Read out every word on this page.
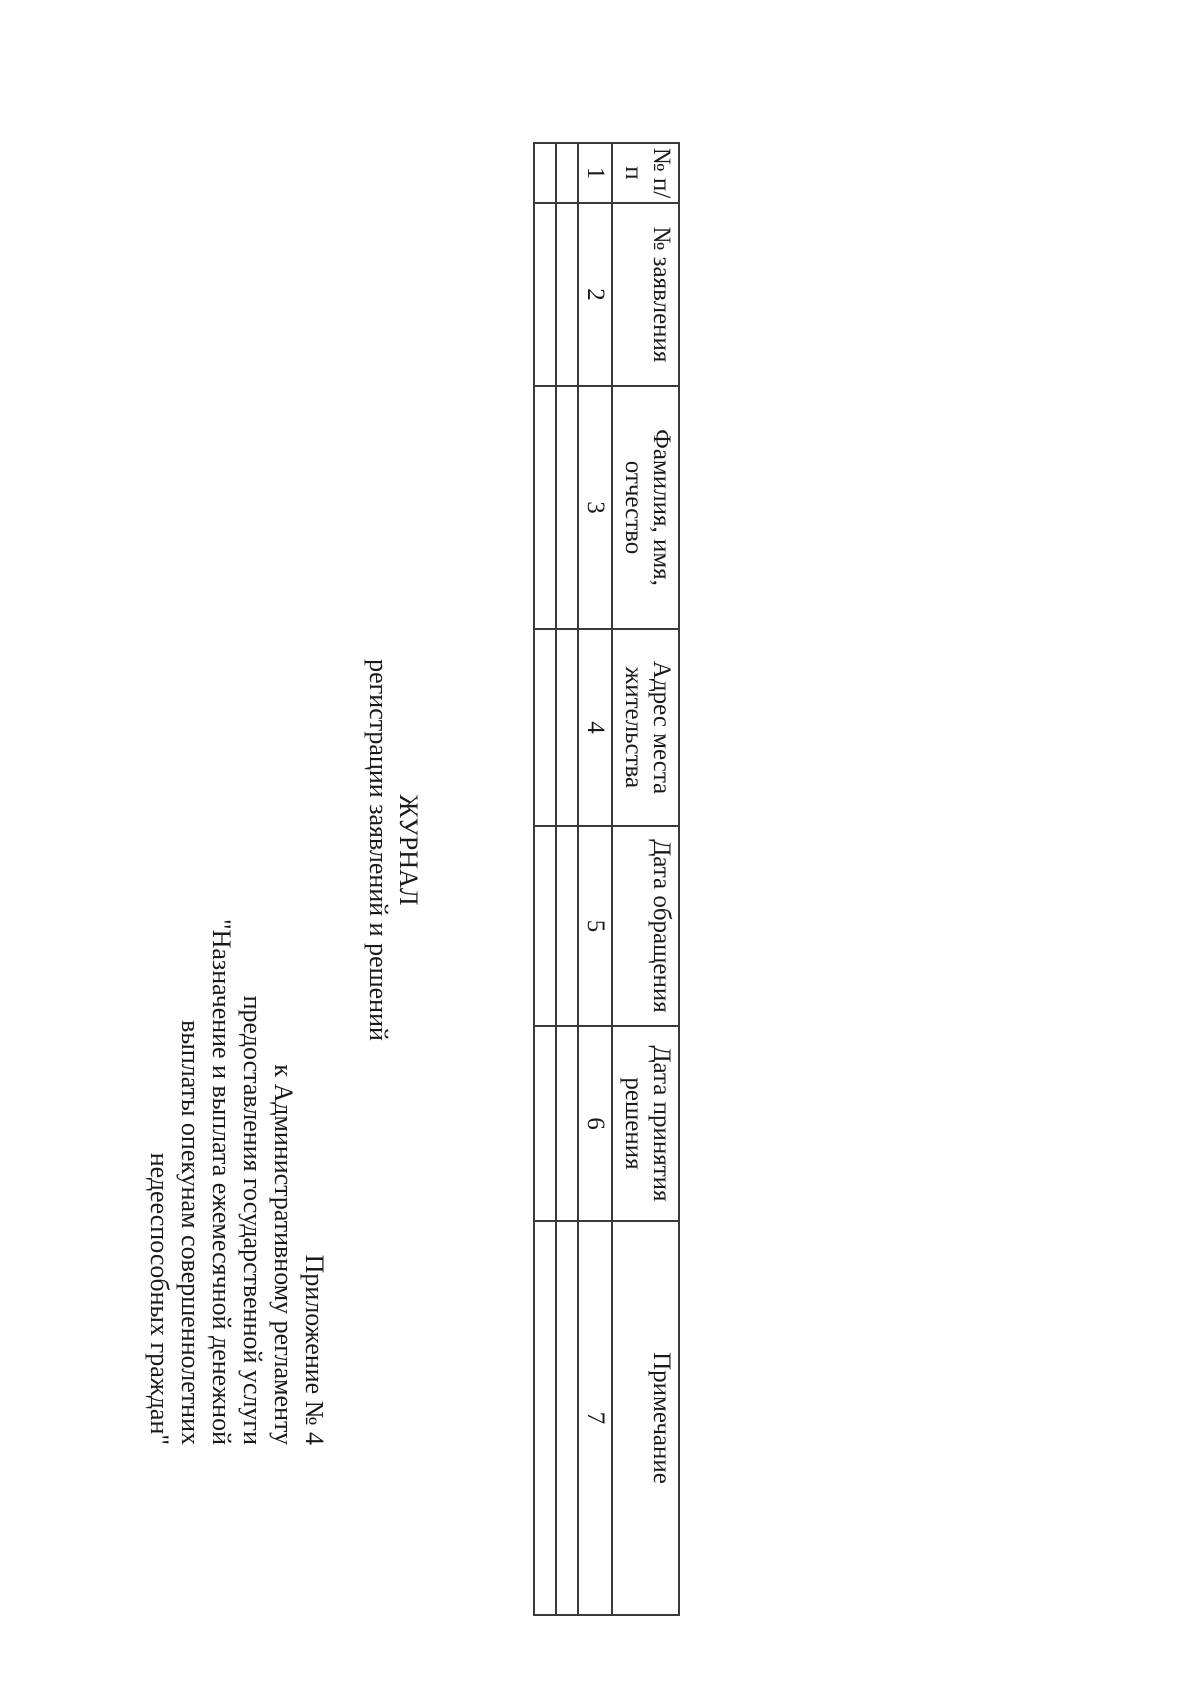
Приложение № 4
к Административному регламенту
предоставления государственной услуги
"Назначение и выплата ежемесячной денежной
выплаты опекунам совершеннолетних
недееспособных граждан"
ЖУРНАЛ
регистрации заявлений и решений
№ п/п	№ заявления	Фамилия, имя, отчество	Адрес места жительства	Дата обращения	Дата принятия решения	Примечание
1	2	3	4	5	6	7
